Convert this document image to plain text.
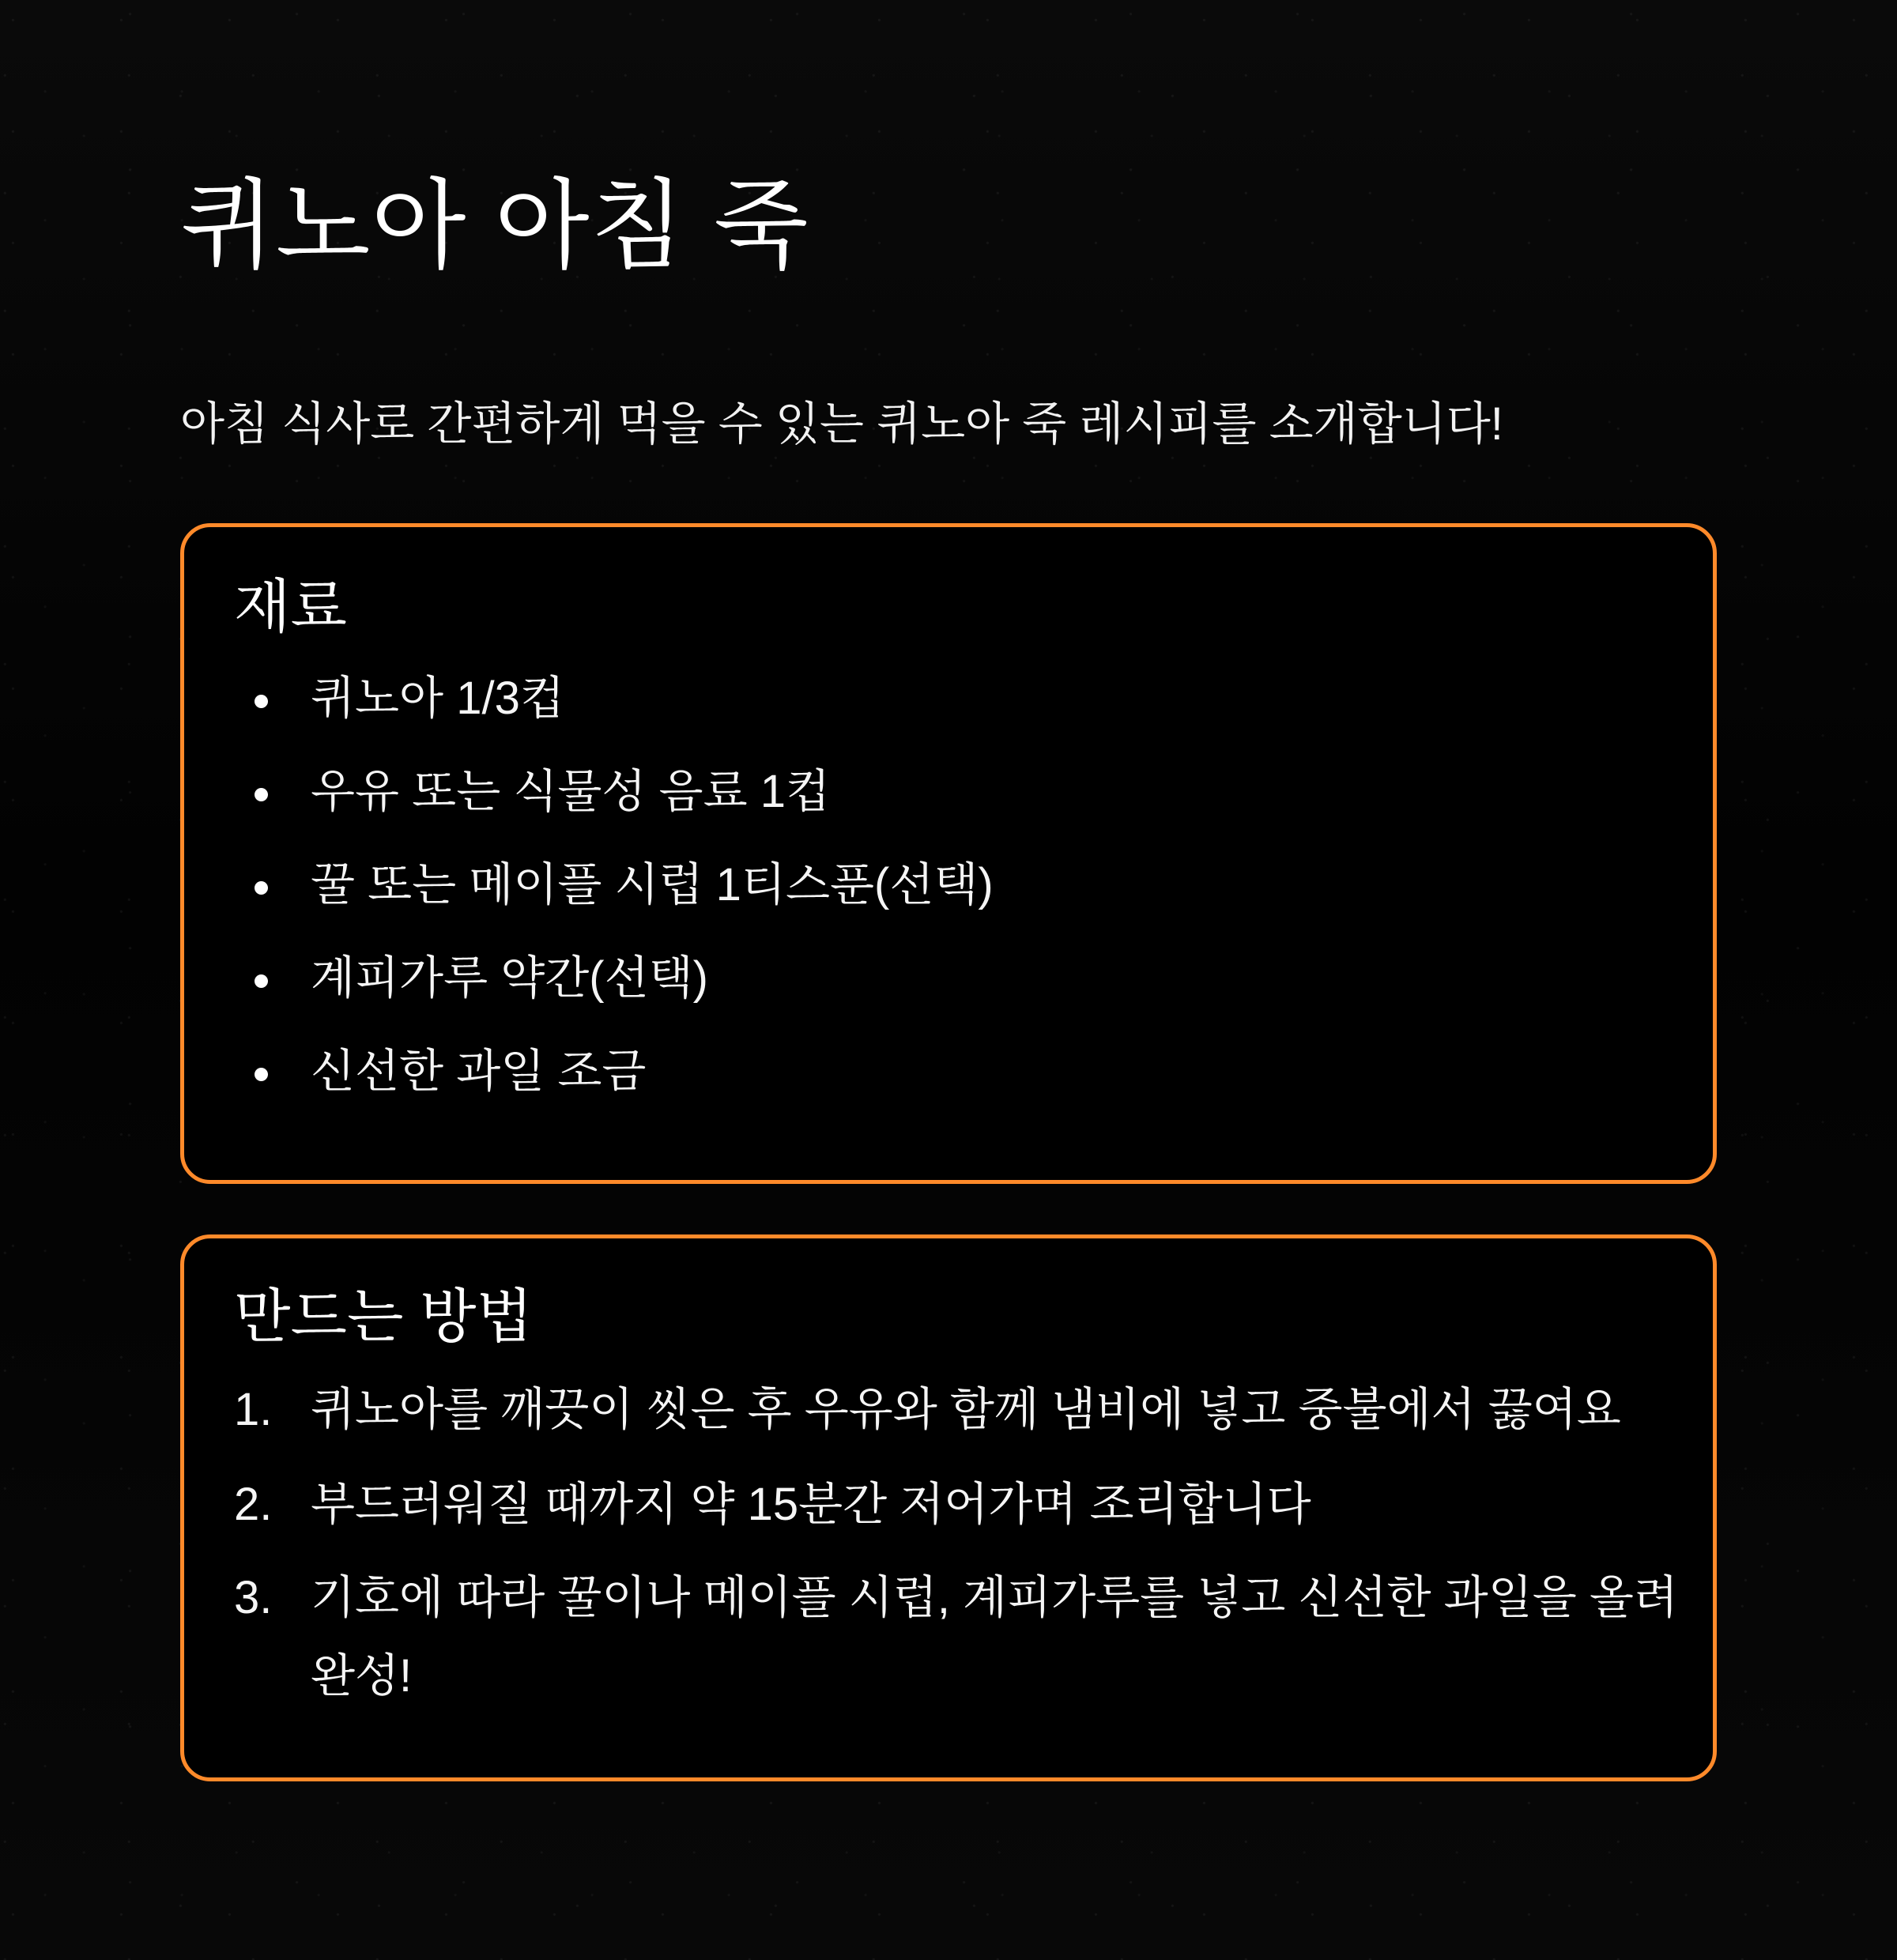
퀴노아 아침 죽

아침 식사로 간편하게 먹을 수 있는 퀴노아 죽 레시피를 소개합니다!

재료
퀴노아 1/3컵
우유 또는 식물성 음료 1컵
꿀 또는 메이플 시럽 1티스푼(선택)
계피가루 약간(선택)
신선한 과일 조금
만드는 방법
1. 퀴노아를 깨끗이 씻은 후 우유와 함께 냄비에 넣고 중불에서 끓여요
2. 부드러워질 때까지 약 15분간 저어가며 조리합니다
3. 기호에 따라 꿀이나 메이플 시럽, 계피가루를 넣고 신선한 과일을 올려 완성!
